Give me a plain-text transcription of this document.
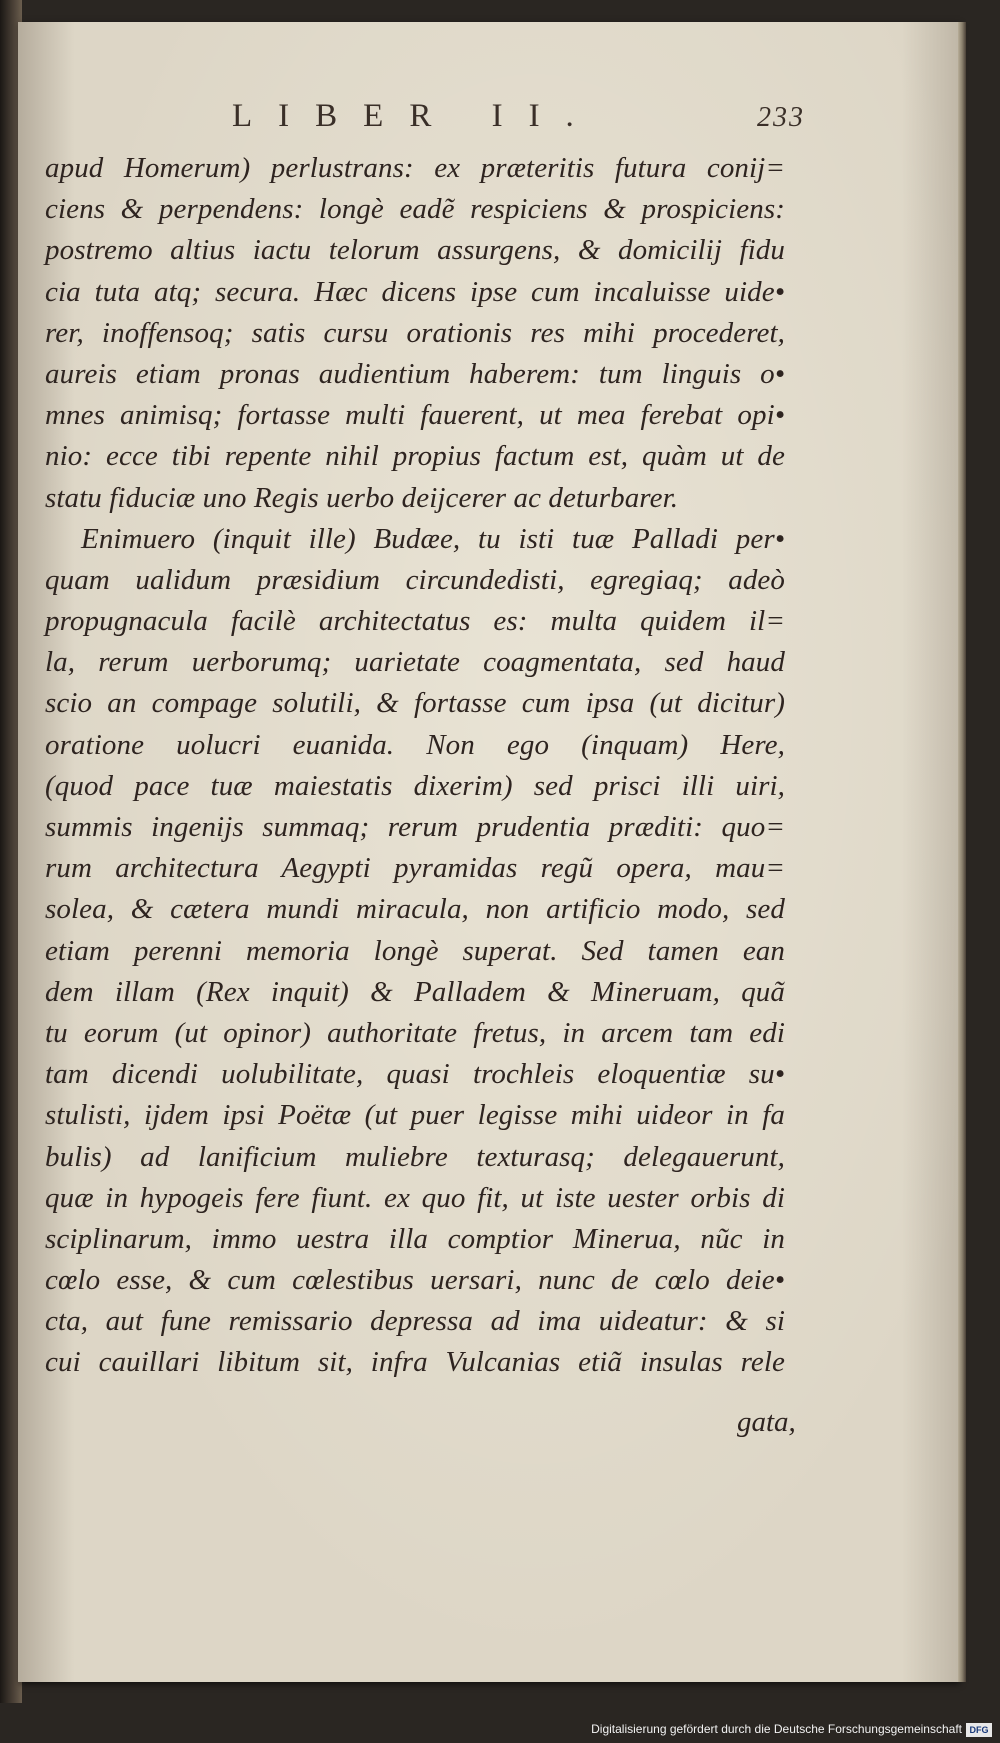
LIBER II.	233
apud Homerum) perlustrans: ex præteritis futura conij=
ciens & perpendens: longè eadẽ respiciens & prospiciens:
postremo altius iactu telorum assurgens, & domicilij fidu
cia tuta atq; secura. Hæc dicens ipse cum incaluisse uide•
rer, inoffensoq; satis cursu orationis res mihi procederet,
aureis etiam pronas audientium haberem: tum linguis o•
mnes animisq; fortasse multi fauerent, ut mea ferebat opi•
nio: ecce tibi repente nihil propius factum est, quàm ut de
statu fiduciæ uno Regis uerbo deijcerer ac deturbarer.
Enimuero (inquit ille) Budæe, tu isti tuæ Palladi per•
quam ualidum præsidium circundedisti, egregiaq; adeò
propugnacula facilè architectatus es: multa quidem il=
la, rerum uerborumq; uarietate coagmentata, sed haud
scio an compage solutili, & fortasse cum ipsa (ut dicitur)
oratione uolucri euanida. Non ego (inquam) Here,
(quod pace tuæ maiestatis dixerim) sed prisci illi uiri,
summis ingenijs summaq; rerum prudentia præditi: quo=
rum architectura Aegypti pyramidas regũ opera, mau=
solea, & cætera mundi miracula, non artificio modo, sed
etiam perenni memoria longè superat. Sed tamen ean
dem illam (Rex inquit) & Palladem & Mineruam, quã
tu eorum (ut opinor) authoritate fretus, in arcem tam edi
tam dicendi uolubilitate, quasi trochleis eloquentiæ su•
stulisti, ijdem ipsi Poëtæ (ut puer legisse mihi uideor in fa
bulis) ad lanificium muliebre texturasq; delegauerunt,
quæ in hypogeis fere fiunt. ex quo fit, ut iste uester orbis di
sciplinarum, immo uestra illa comptior Minerua, nũc in
cœlo esse, & cum cœlestibus uersari, nunc de cœlo deie•
cta, aut fune remissario depressa ad ima uideatur: & si
cui cauillari libitum sit, infra Vulcanias etiã insulas rele
gata,
Digitalisierung gefördert durch die Deutsche Forschungsgemeinschaft DFG
